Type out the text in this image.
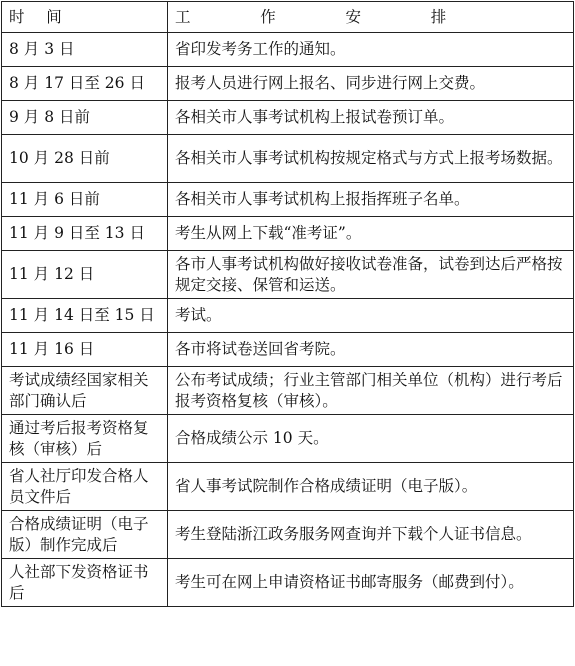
时间	工作安排
8 月 3 日	省印发考务工作的通知。
8 月 17 日至 26 日	报考人员进行网上报名、同步进行网上交费。
9 月 8 日前	各相关市人事考试机构上报试卷预订单。
10 月 28 日前	各相关市人事考试机构按规定格式与方式上报考场数据。
11 月 6 日前	各相关市人事考试机构上报指挥班子名单。
11 月 9 日至 13 日	考生从网上下载“准考证”。
11 月 12 日	各市人事考试机构做好接收试卷准备，试卷到达后严格按规定交接、保管和运送。
11 月 14 日至 15 日	考试。
11 月 16 日	各市将试卷送回省考院。
考试成绩经国家相关部门确认后	公布考试成绩；行业主管部门相关单位（机构）进行考后报考资格复核（审核）。
通过考后报考资格复核（审核）后	合格成绩公示 10 天。
省人社厅印发合格人员文件后	省人事考试院制作合格成绩证明（电子版）。
合格成绩证明（电子版）制作完成后	考生登陆浙江政务服务网查询并下载个人证书信息。
人社部下发资格证书后	考生可在网上申请资格证书邮寄服务（邮费到付）。
